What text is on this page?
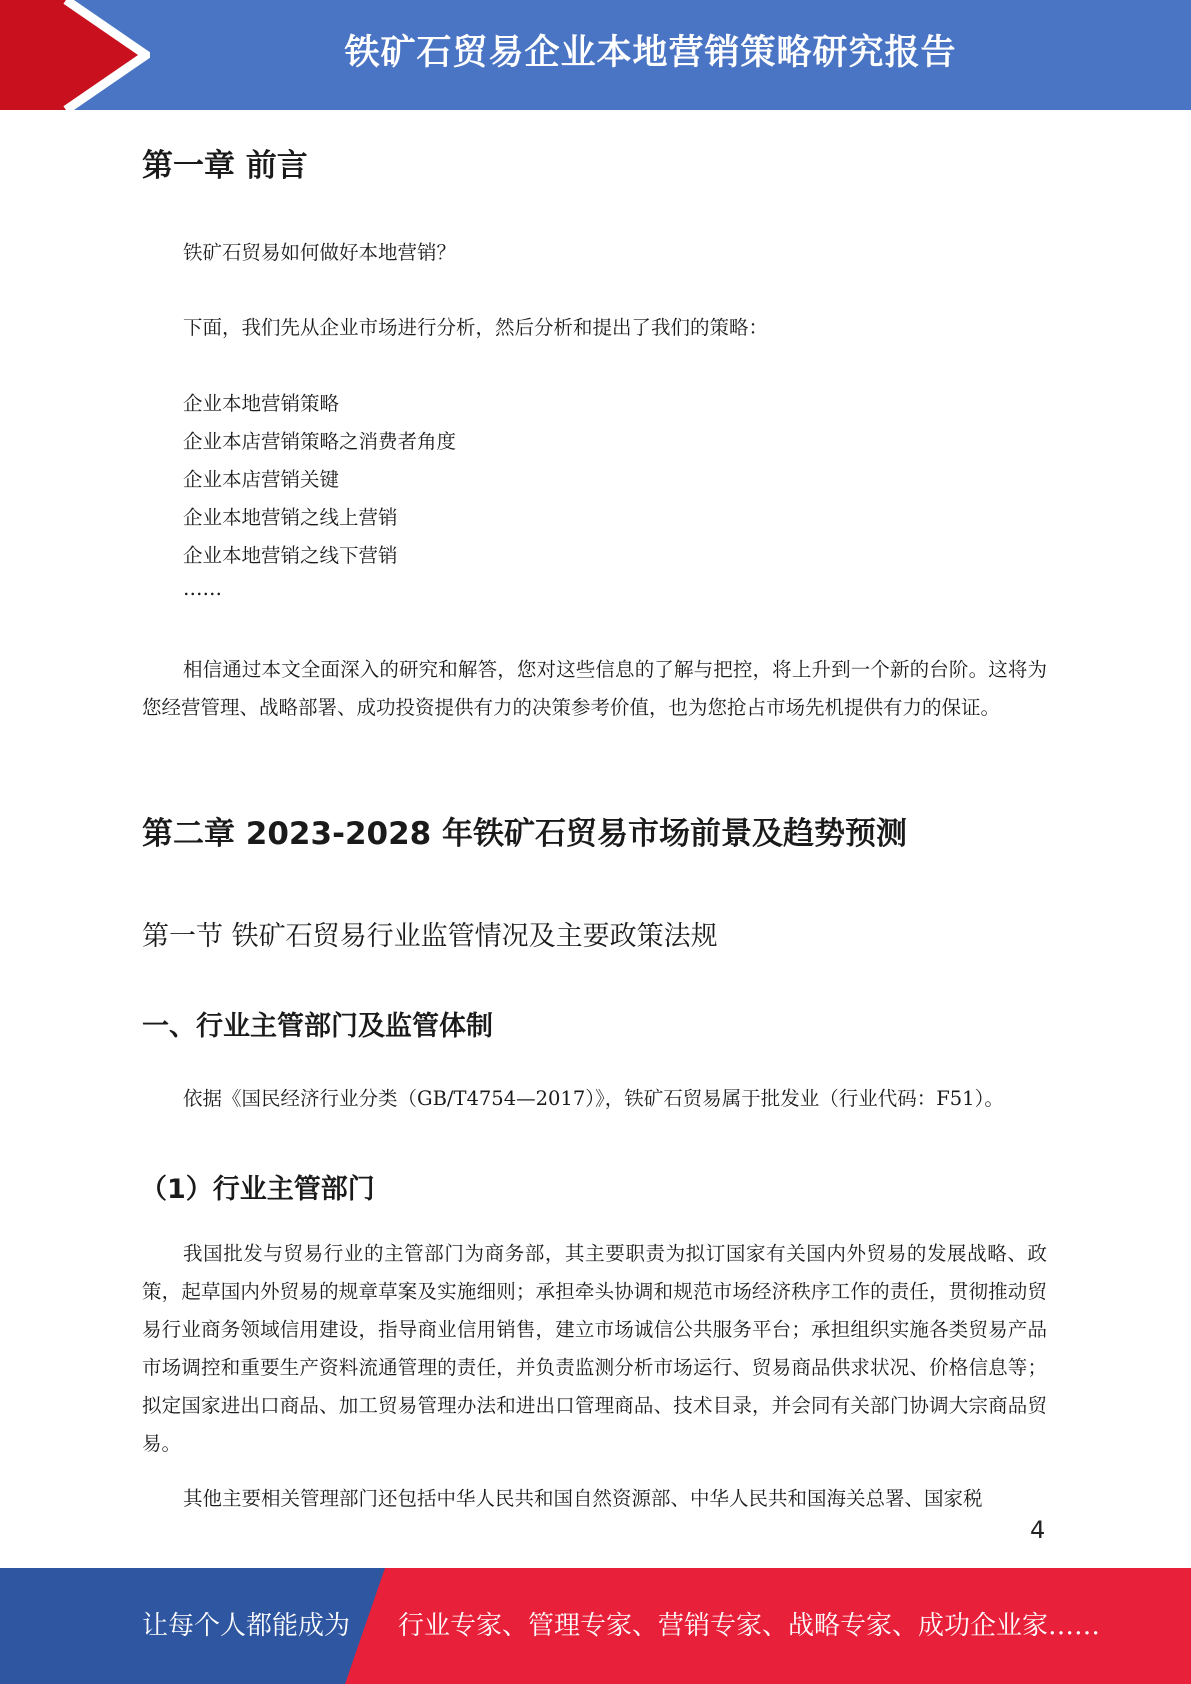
铁矿石贸易企业本地营销策略研究报告
第一章 前言

铁矿石贸易如何做好本地营销？

下面，我们先从企业市场进行分析，然后分析和提出了我们的策略：

企业本地营销策略

企业本店营销策略之消费者角度

企业本店营销关键

企业本地营销之线上营销

企业本地营销之线下营销

……

相信通过本文全面深入的研究和解答，您对这些信息的了解与把控，将上升到一个新的台阶。这将为您经营管理、战略部署、成功投资提供有力的决策参考价值，也为您抢占市场先机提供有力的保证。

第二章 2023-2028 年铁矿石贸易市场前景及趋势预测
第一节 铁矿石贸易行业监管情况及主要政策法规
一、行业主管部门及监管体制

依据《国民经济行业分类（GB/T4754—2017）》，铁矿石贸易属于批发业（行业代码：F51）。

（1）行业主管部门

我国批发与贸易行业的主管部门为商务部，其主要职责为拟订国家有关国内外贸易的发展战略、政策，起草国内外贸易的规章草案及实施细则；承担牵头协调和规范市场经济秩序工作的责任，贯彻推动贸易行业商务领域信用建设，指导商业信用销售，建立市场诚信公共服务平台；承担组织实施各类贸易产品市场调控和重要生产资料流通管理的责任，并负责监测分析市场运行、贸易商品供求状况、价格信息等；拟定国家进出口商品、加工贸易管理办法和进出口管理商品、技术目录，并会同有关部门协调大宗商品贸易。

其他主要相关管理部门还包括中华人民共和国自然资源部、中华人民共和国海关总署、国家税

4
让每个人都能成为 行业专家、管理专家、营销专家、战略专家、成功企业家……
